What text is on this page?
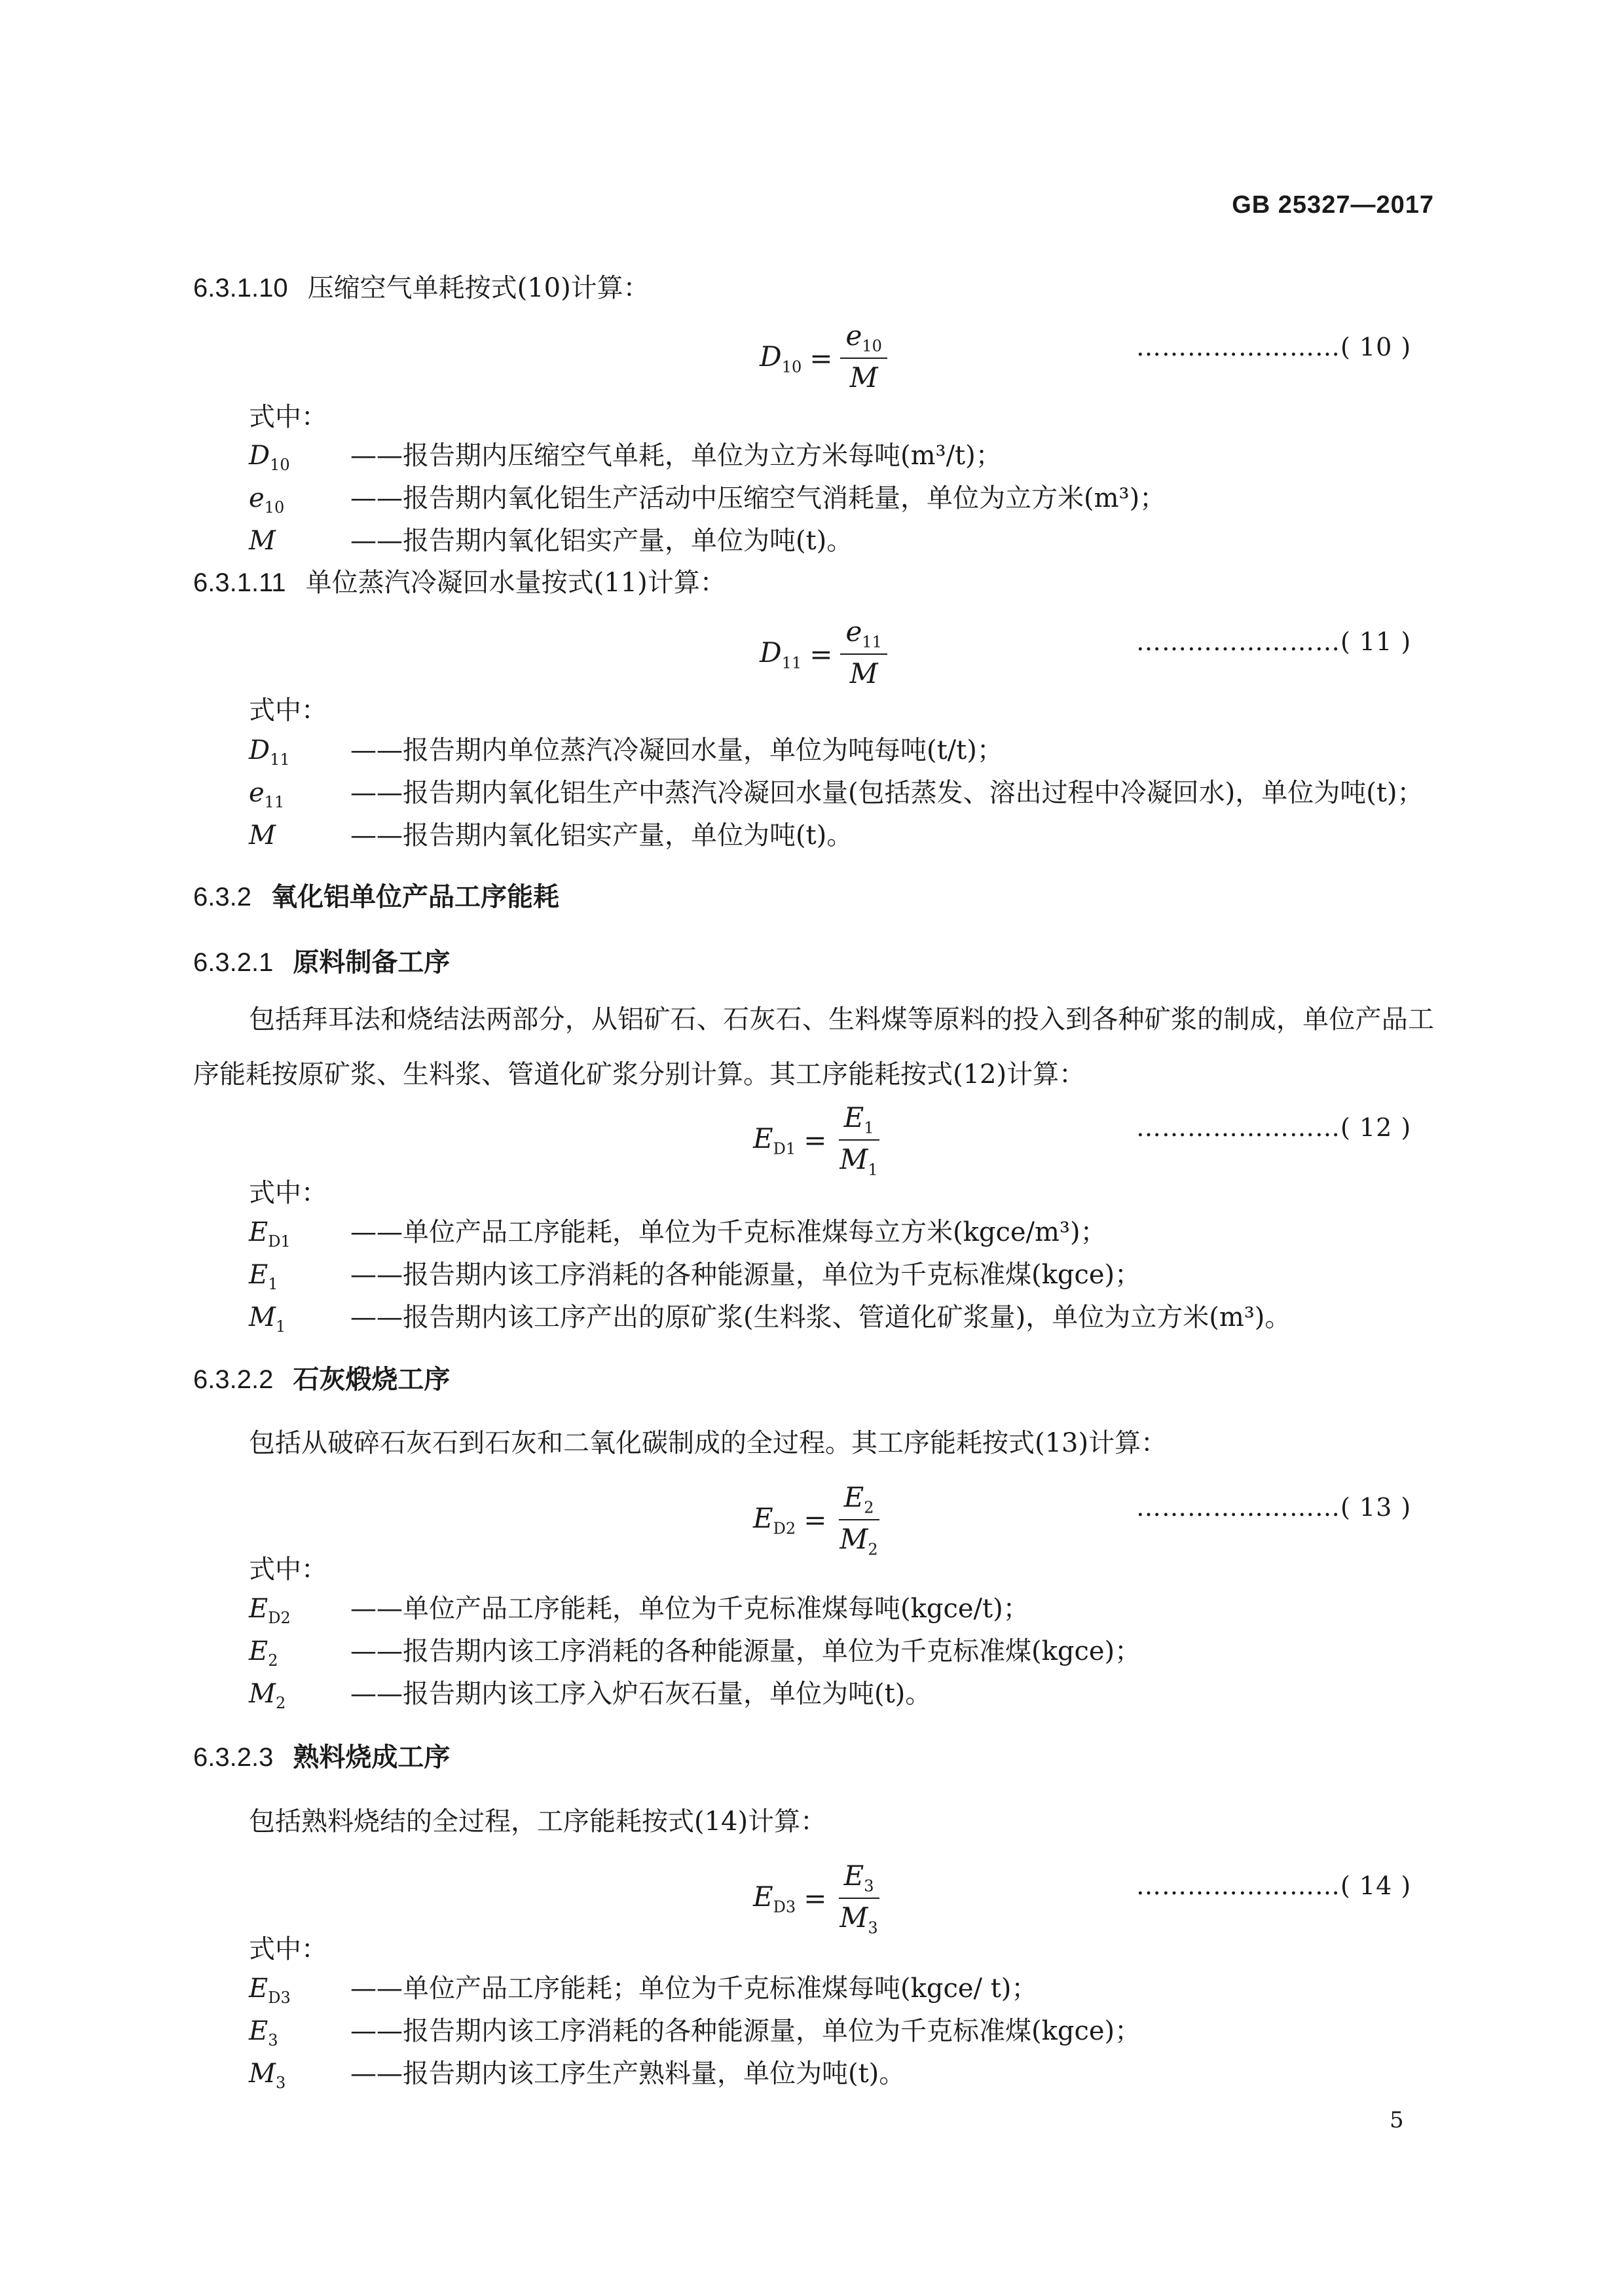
GB 25327—2017
6.3.1.10 压缩空气单耗按式(10)计算：
$D_{10} = \frac{e_{10}}{M}$	……………………( 10 )
式中：
$D_{10}$ ——报告期内压缩空气单耗，单位为立方米每吨(m³/t)；
$e_{10}$	——报告期内氧化铝生产活动中压缩空气消耗量，单位为立方米(m³)；
M	——报告期内氧化铝实产量，单位为吨(t)。
6.3.1.11 单位蒸汽冷凝回水量按式(11)计算：
$D_{11} = \frac{e_{11}}{M}$	……………………( 11 )
式中：
$D_{11}$ ——报告期内单位蒸汽冷凝回水量，单位为吨每吨(t/t)；
$e_{11}$	——报告期内氧化铝生产中蒸汽冷凝回水量(包括蒸发、溶出过程中冷凝回水)，单位为吨(t)；
M	——报告期内氧化铝实产量，单位为吨(t)。
6.3.2 氧化铝单位产品工序能耗
6.3.2.1 原料制备工序
包括拜耳法和烧结法两部分，从铝矿石、石灰石、生料煤等原料的投入到各种矿浆的制成，单位产品工序能耗按原矿浆、生料浆、管道化矿浆分别计算。其工序能耗按式(12)计算：
$E_{D1} = \frac{E_1}{M_1}$	……………………( 12 )
式中：
$E_{D1}$ ——单位产品工序能耗，单位为千克标准煤每立方米(kgce/m³)；
$E_1$	——报告期内该工序消耗的各种能源量，单位为千克标准煤(kgce)；
$M_1$ ——报告期内该工序产出的原矿浆(生料浆、管道化矿浆量)，单位为立方米(m³)。
6.3.2.2 石灰煅烧工序
包括从破碎石灰石到石灰和二氧化碳制成的全过程。其工序能耗按式(13)计算：
$E_{D2} = \frac{E_2}{M_2}$	……………………( 13 )
式中：
$E_{D2}$ ——单位产品工序能耗，单位为千克标准煤每吨(kgce/t)；
$E_2$	——报告期内该工序消耗的各种能源量，单位为千克标准煤(kgce)；
$M_2$ ——报告期内该工序入炉石灰石量，单位为吨(t)。
6.3.2.3 熟料烧成工序
包括熟料烧结的全过程，工序能耗按式(14)计算：
$E_{D3} = \frac{E_3}{M_3}$	……………………( 14 )
式中：
$E_{D3}$ ——单位产品工序能耗；单位为千克标准煤每吨(kgce/ t)；
$E_3$	——报告期内该工序消耗的各种能源量，单位为千克标准煤(kgce)；
$M_3$ ——报告期内该工序生产熟料量，单位为吨(t)。
5
